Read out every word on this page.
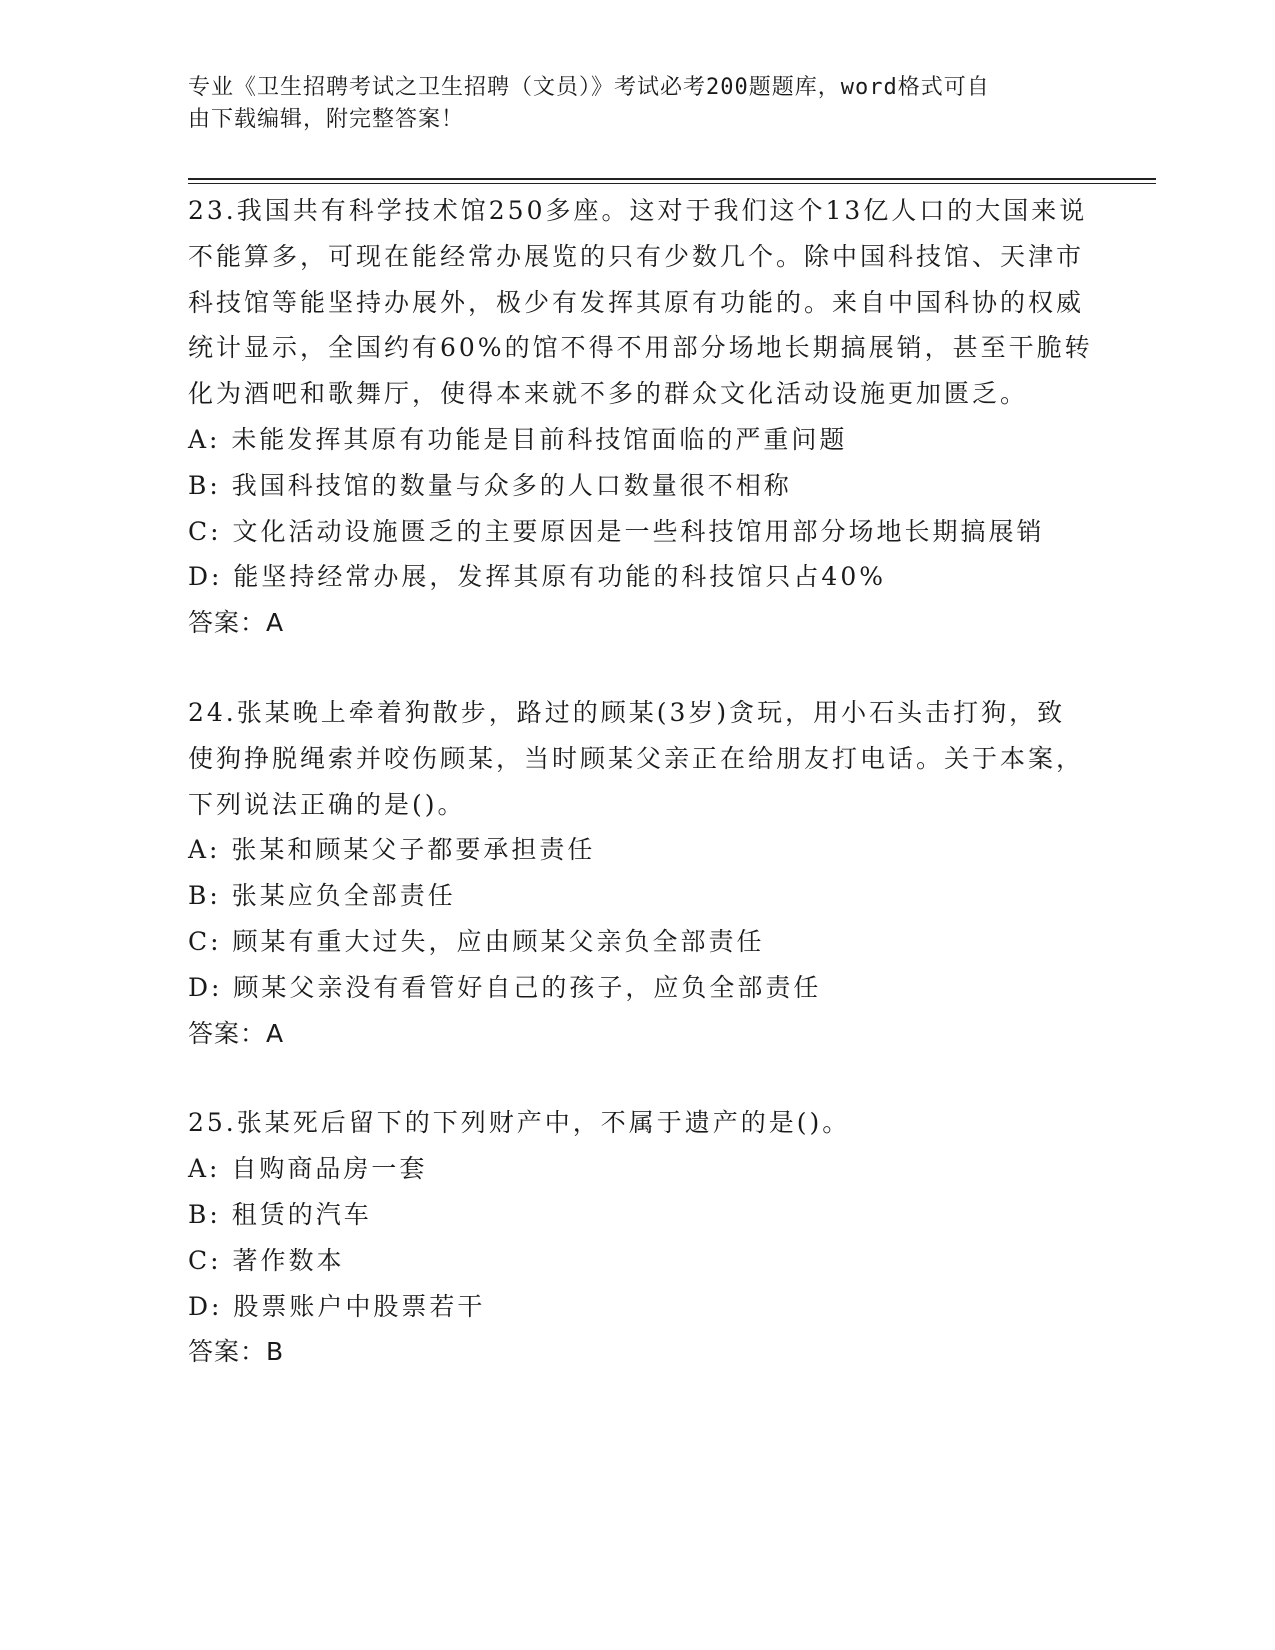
专业《卫生招聘考试之卫生招聘（文员）》考试必考200题题库，word格式可自
由下载编辑，附完整答案！

23.我国共有科学技术馆250多座。这对于我们这个13亿人口的大国来说不能算多，可现在能经常办展览的只有少数几个。除中国科技馆、天津市科技馆等能坚持办展外，极少有发挥其原有功能的。来自中国科协的权威统计显示，全国约有60%的馆不得不用部分场地长期搞展销，甚至干脆转化为酒吧和歌舞厅，使得本来就不多的群众文化活动设施更加匮乏。

A: 未能发挥其原有功能是目前科技馆面临的严重问题

B: 我国科技馆的数量与众多的人口数量很不相称

C: 文化活动设施匮乏的主要原因是一些科技馆用部分场地长期搞展销

D: 能坚持经常办展，发挥其原有功能的科技馆只占40%

答案：A

24.张某晚上牵着狗散步，路过的顾某(3岁)贪玩，用小石头击打狗，致使狗挣脱绳索并咬伤顾某，当时顾某父亲正在给朋友打电话。关于本案，下列说法正确的是()。

A: 张某和顾某父子都要承担责任

B: 张某应负全部责任

C: 顾某有重大过失，应由顾某父亲负全部责任

D: 顾某父亲没有看管好自己的孩子，应负全部责任

答案：A

25.张某死后留下的下列财产中，不属于遗产的是()。

A: 自购商品房一套

B: 租赁的汽车

C: 著作数本

D: 股票账户中股票若干

答案：B
